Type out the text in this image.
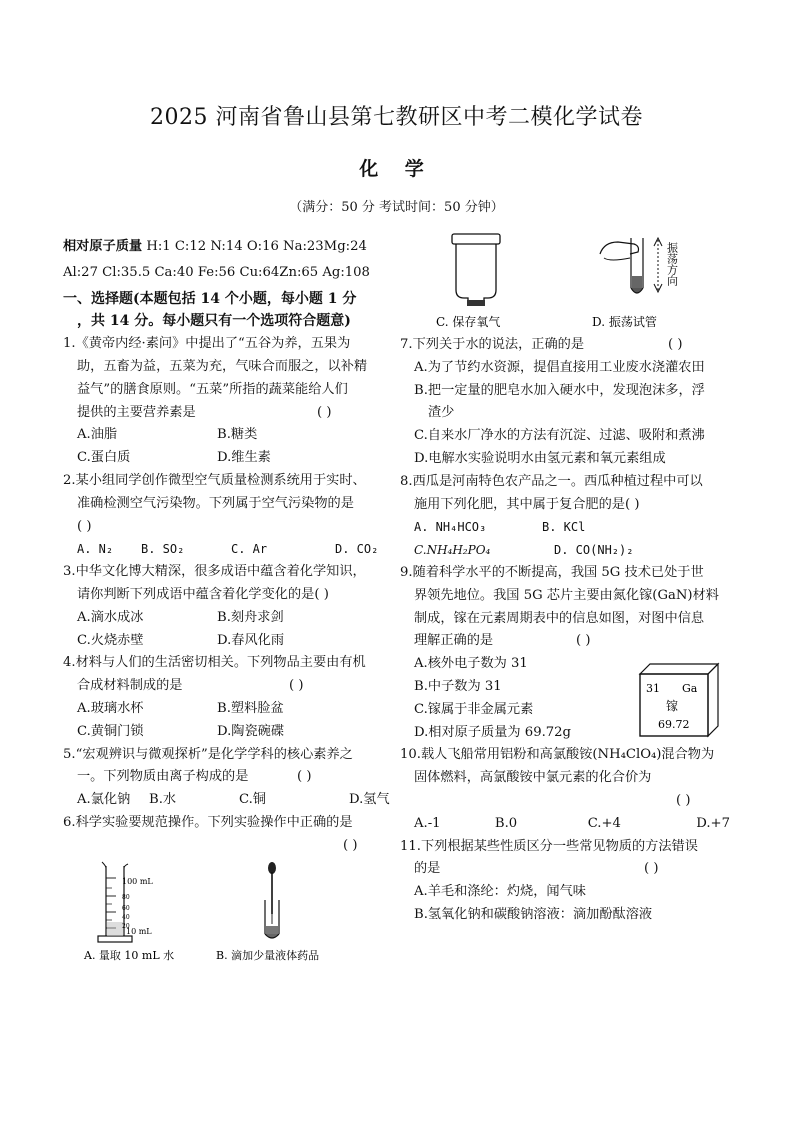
2025 河南省鲁山县第七教研区中考二模化学试卷
化 学
（满分：50 分 考试时间：50 分钟）
相对原子质量 H:1 C:12 N:14 O:16 Na:23Mg:24
Al:27 Cl:35.5 Ca:40 Fe:56 Cu:64Zn:65 Ag:108
一、选择题(本题包括 14 个小题，每小题 1 分
，共 14 分。每小题只有一个选项符合题意)
1.《黄帝内经·素问》中提出了“五谷为养，五果为
助，五畜为益，五菜为充，气味合而服之，以补精
益气”的膳食原则。“五菜”所指的蔬菜能给人们
提供的主要营养素是	( )
A.油脂	B.糖类
C.蛋白质	D.维生素
2.某小组同学创作微型空气质量检测系统用于实时、
准确检测空气污染物。下列属于空气污染物的是
( )
A. N₂	B. SO₂	C. Ar	D. CO₂
3.中华文化博大精深，很多成语中蕴含着化学知识，
请你判断下列成语中蕴含着化学变化的是( )
A.滴水成冰	B.刻舟求剑
C.火烧赤壁	D.春风化雨
4.材料与人们的生活密切相关。下列物品主要由有机
合成材料制成的是	( )
A.玻璃水杯	B.塑料脸盆
C.黄铜门锁	D.陶瓷碗碟
5.“宏观辨识与微观探析”是化学学科的核心素养之
一。下列物质由离子构成的是	( )
A.氯化钠	B.水	C.铜	D.氢气
6.科学实验要规范操作。下列实验操作中正确的是
( )
100 mL
80
60
40
20
10 mL
A. 量取 10 mL 水	B. 滴加少量液体药品
C. 保存氧气
振荡方向
D. 振荡试管
7.下列关于水的说法，正确的是	( )
A.为了节约水资源，提倡直接用工业废水浇灌农田
B.把一定量的肥皂水加入硬水中，发现泡沫多，浮
渣少
C.自来水厂净水的方法有沉淀、过滤、吸附和煮沸
D.电解水实验说明水由氢元素和氧元素组成
8.西瓜是河南特色农产品之一。西瓜种植过程中可以
施用下列化肥，其中属于复合肥的是( )
A. NH₄HCO₃	B. KCl
C.NH₄H₂PO₄	D. CO(NH₂)₂
9.随着科学水平的不断提高，我国 5G 技术已处于世
界领先地位。我国 5G 芯片主要由氮化镓(GaN)材料
制成，镓在元素周期表中的信息如图，对图中信息
理解正确的是	( )
A.核外电子数为 31
B.中子数为 31
C.镓属于非金属元素
D.相对原子质量为 69.72g
10.载人飞船常用铝粉和高氯酸铵(NH₄ClO₄)混合物为
固体燃料，高氯酸铵中氯元素的化合价为
( )
A.-1	B.0	C.+4	D.+7
11.下列根据某些性质区分一些常见物质的方法错误
的是	( )
A.羊毛和涤纶：灼烧，闻气味
B.氢氧化钠和碳酸钠溶液：滴加酚酞溶液
31 Ga
镓
69.72
